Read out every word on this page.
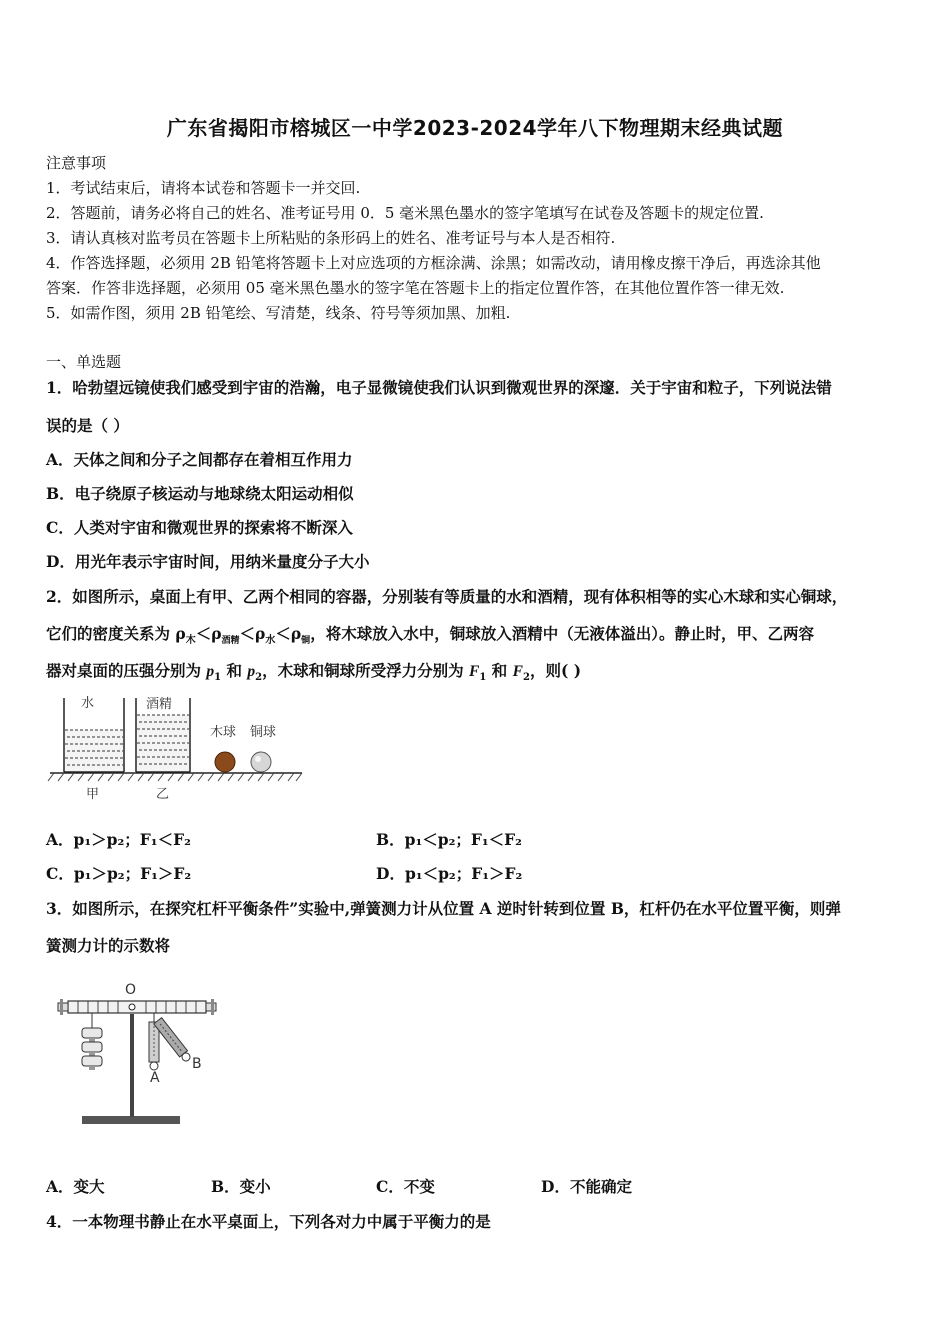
广东省揭阳市榕城区一中学2023-2024学年八下物理期末经典试题
注意事项
1．考试结束后，请将本试卷和答题卡一并交回.
2．答题前，请务必将自己的姓名、准考证号用 0．5 毫米黑色墨水的签字笔填写在试卷及答题卡的规定位置.
3．请认真核对监考员在答题卡上所粘贴的条形码上的姓名、准考证号与本人是否相符.
4．作答选择题，必须用 2B 铅笔将答题卡上对应选项的方框涂满、涂黑；如需改动，请用橡皮擦干净后，再选涂其他
答案．作答非选择题，必须用 05 毫米黑色墨水的签字笔在答题卡上的指定位置作答，在其他位置作答一律无效.
5．如需作图，须用 2B 铅笔绘、写清楚，线条、符号等须加黑、加粗.
一、单选题
1．哈勃望远镜使我们感受到宇宙的浩瀚，电子显微镜使我们认识到微观世界的深邃．关于宇宙和粒子，下列说法错
误的是（ ）
A．天体之间和分子之间都存在着相互作用力
B．电子绕原子核运动与地球绕太阳运动相似
C．人类对宇宙和微观世界的探索将不断深入
D．用光年表示宇宙时间，用纳米量度分子大小
2．如图所示，桌面上有甲、乙两个相同的容器，分别装有等质量的水和酒精，现有体积相等的实心木球和实心铜球，
它们的密度关系为 $\rho_木<\rho_{酒精}<\rho_水<\rho_铜$，将木球放入水中，铜球放入酒精中（无液体溢出）。静止时，甲、乙两容
器对桌面的压强分别为 $p_1$ 和 $p_2$，木球和铜球所受浮力分别为 $F_1$ 和 $F_2$，则( )
水	酒精
木球 铜球
甲	乙
A．p₁＞p₂；F₁＜F₂	B．p₁＜p₂；F₁＜F₂
C．p₁＞p₂；F₁＞F₂	D．p₁＜p₂；F₁＞F₂
3．如图所示，在探究杠杆平衡条件”实验中,弹簧测力计从位置 A 逆时针转到位置 B，杠杆仍在水平位置平衡，则弹
簧测力计的示数将
O
A
B
A．变大	B．变小	C．不变	D．不能确定
4．一本物理书静止在水平桌面上，下列各对力中属于平衡力的是
